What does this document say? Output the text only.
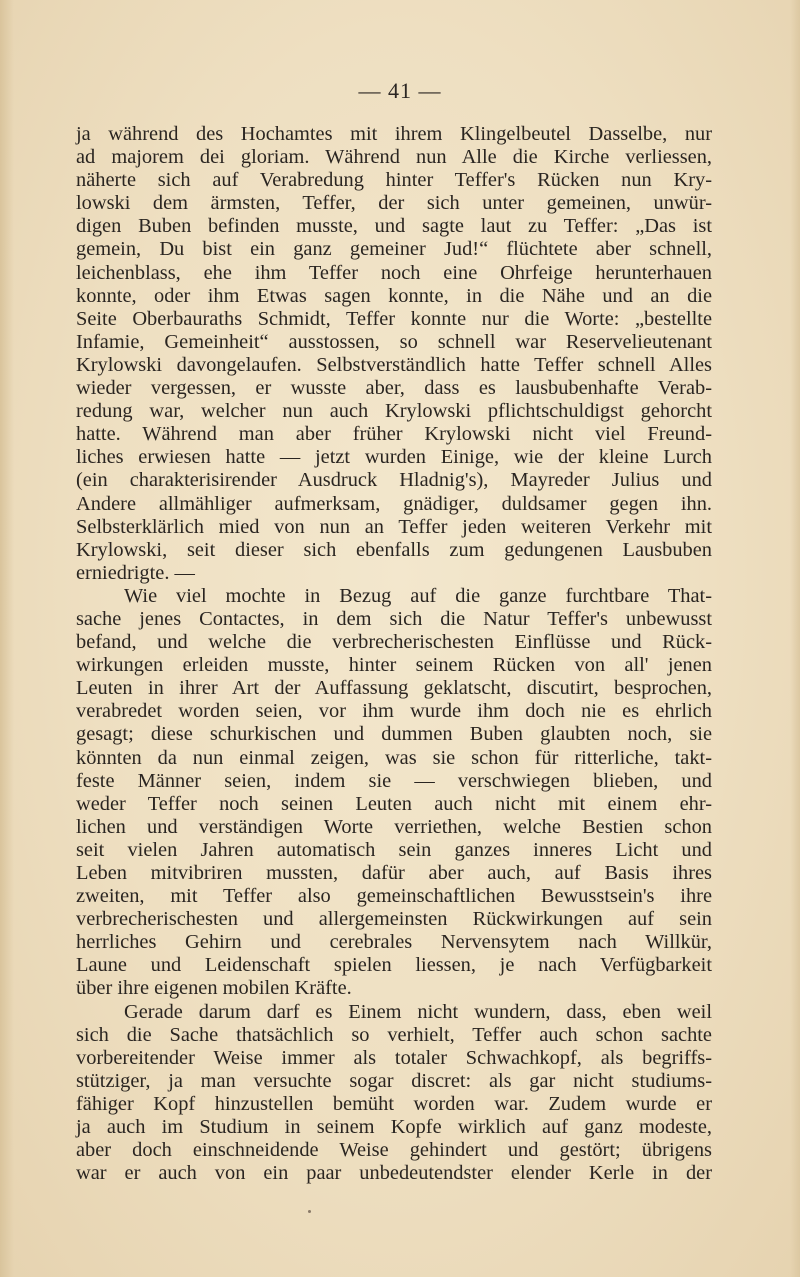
— 41 —
ja während des Hochamtes mit ihrem Klingelbeutel Dasselbe, nur
ad majorem dei gloriam. Während nun Alle die Kirche verliessen,
näherte sich auf Verabredung hinter Teffer's Rücken nun Kry-
lowski dem ärmsten, Teffer, der sich unter gemeinen, unwür-
digen Buben befinden musste, und sagte laut zu Teffer: „Das ist
gemein, Du bist ein ganz gemeiner Jud!“ flüchtete aber schnell,
leichenblass, ehe ihm Teffer noch eine Ohrfeige herunterhauen
konnte, oder ihm Etwas sagen konnte, in die Nähe und an die
Seite Oberbauraths Schmidt, Teffer konnte nur die Worte: „bestellte
Infamie, Gemeinheit“ ausstossen, so schnell war Reservelieutenant
Krylowski davongelaufen. Selbstverständlich hatte Teffer schnell Alles
wieder vergessen, er wusste aber, dass es lausbubenhafte Verab-
redung war, welcher nun auch Krylowski pflichtschuldigst gehorcht
hatte. Während man aber früher Krylowski nicht viel Freund-
liches erwiesen hatte — jetzt wurden Einige, wie der kleine Lurch
(ein charakterisirender Ausdruck Hladnig's), Mayreder Julius und
Andere allmähliger aufmerksam, gnädiger, duldsamer gegen ihn.
Selbsterklärlich mied von nun an Teffer jeden weiteren Verkehr mit
Krylowski, seit dieser sich ebenfalls zum gedungenen Lausbuben
erniedrigte. —
Wie viel mochte in Bezug auf die ganze furchtbare That-
sache jenes Contactes, in dem sich die Natur Teffer's unbewusst
befand, und welche die verbrecherischesten Einflüsse und Rück-
wirkungen erleiden musste, hinter seinem Rücken von all' jenen
Leuten in ihrer Art der Auffassung geklatscht, discutirt, besprochen,
verabredet worden seien, vor ihm wurde ihm doch nie es ehrlich
gesagt; diese schurkischen und dummen Buben glaubten noch, sie
könnten da nun einmal zeigen, was sie schon für ritterliche, takt-
feste Männer seien, indem sie — verschwiegen blieben, und
weder Teffer noch seinen Leuten auch nicht mit einem ehr-
lichen und verständigen Worte verriethen, welche Bestien schon
seit vielen Jahren automatisch sein ganzes inneres Licht und
Leben mitvibriren mussten, dafür aber auch, auf Basis ihres
zweiten, mit Teffer also gemeinschaftlichen Bewusstsein's ihre
verbrecherischesten und allergemeinsten Rückwirkungen auf sein
herrliches Gehirn und cerebrales Nervensytem nach Willkür,
Laune und Leidenschaft spielen liessen, je nach Verfügbarkeit
über ihre eigenen mobilen Kräfte.
Gerade darum darf es Einem nicht wundern, dass, eben weil
sich die Sache thatsächlich so verhielt, Teffer auch schon sachte
vorbereitender Weise immer als totaler Schwachkopf, als begriffs-
stütziger, ja man versuchte sogar discret: als gar nicht studiums-
fähiger Kopf hinzustellen bemüht worden war. Zudem wurde er
ja auch im Studium in seinem Kopfe wirklich auf ganz modeste,
aber doch einschneidende Weise gehindert und gestört; übrigens
war er auch von ein paar unbedeutendster elender Kerle in der
